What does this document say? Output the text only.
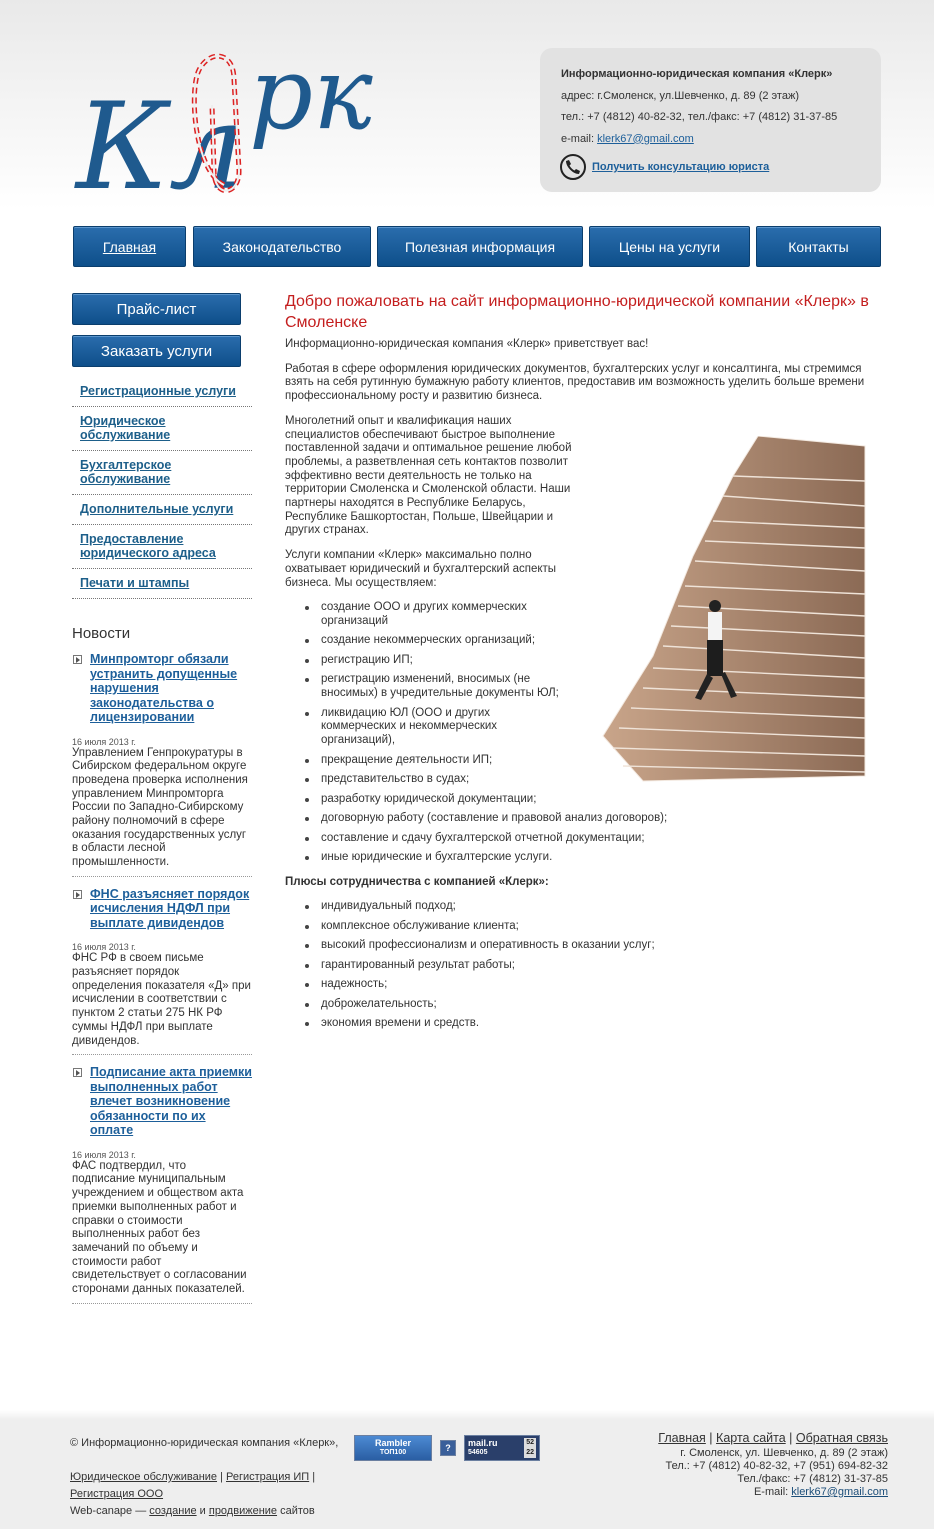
Кл рк	Информационно-юридическая компания «Клерк»
адрес: г.Смоленск, ул.Шевченко, д. 89 (2 этаж)
тел.: +7 (4812) 40-82-32, тел./факс: +7 (4812) 31-37-85
e-mail: klerk67@gmail.com
Получить консультацию юриста
Главная	Законодательство	Полезная информация	Цены на услуги	Контакты
Прайс-лист
Заказать услуги
Регистрационные услуги
Юридическое обслуживание
Бухгалтерское обслуживание
Дополнительные услуги
Предоставление юридического адреса
Печати и штампы
Новости
Минпромторг обязали устранить допущенные нарушения законодательства о лицензировании
16 июля 2013 г.
Управлением Генпрокуратуры в Сибирском федеральном округе проведена проверка исполнения управлением Минпромторга России по Западно-Сибирскому району полномочий в сфере оказания государственных услуг в области лесной промышленности.
ФНС разъясняет порядок исчисления НДФЛ при выплате дивидендов
16 июля 2013 г.
ФНС РФ в своем письме разъясняет порядок определения показателя «Д» при исчислении в соответствии с пунктом 2 статьи 275 НК РФ суммы НДФЛ при выплате дивидендов.
Подписание акта приемки выполненных работ влечет возникновение обязанности по их оплате
16 июля 2013 г.
ФАС подтвердил, что подписание муниципальным учреждением и обществом акта приемки выполненных работ и справки о стоимости выполненных работ без замечаний по объему и стоимости работ свидетельствует о согласовании сторонами данных показателей.
Добро пожаловать на сайт информационно-юридической компании «Клерк» в Смоленске

Информационно-юридическая компания «Клерк» приветствует вас!

Работая в сфере оформления юридических документов, бухгалтерских услуг и консалтинга, мы стремимся взять на себя рутинную бумажную работу клиентов, предоставив им возможность уделить больше времени профессиональному росту и развитию бизнеса.

Многолетний опыт и квалификация наших специалистов обеспечивают быстрое выполнение поставленной задачи и оптимальное решение любой проблемы, а разветвленная сеть контактов позволит эффективно вести деятельность не только на территории Смоленска и Смоленской области. Наши партнеры находятся в Республике Беларусь, Республике Башкортостан, Польше, Швейцарии и других странах.

Услуги компании «Клерк» максимально полно охватывает юридический и бухгалтерский аспекты бизнеса. Мы осуществляем:

создание ООО и других коммерческих организаций
создание некоммерческих организаций;
регистрацию ИП;
регистрацию изменений, вносимых (не вносимых) в учредительные документы ЮЛ;
ликвидацию ЮЛ (ООО и других коммерческих и некоммерческих организаций),
прекращение деятельности ИП;
представительство в судах;
разработку юридической документации;
договорную работу (составление и правовой анализ договоров);
составление и сдачу бухгалтерской отчетной документации;
иные юридические и бухгалтерские услуги.

Плюсы сотрудничества с компанией «Клерк»:

индивидуальный подход;
комплексное обслуживание клиента;
высокий профессионализм и оперативность в оказании услуг;
гарантированный результат работы;
надежность;
доброжелательность;
экономия времени и средств.
© Информационно-юридическая компания «Клерк»,
Юридическое обслуживание | Регистрация ИП |
Регистрация ООО
Web-canape — создание и продвижение сайтов
Rambler
ТОП100	?	mail.ru
54605
52
22
Главная | Карта сайта | Обратная связь
г. Смоленск, ул. Шевченко, д. 89 (2 этаж)
Тел.: +7 (4812) 40-82-32, +7 (951) 694-82-32
Тел./факс: +7 (4812) 31-37-85
E-mail: klerk67@gmail.com
